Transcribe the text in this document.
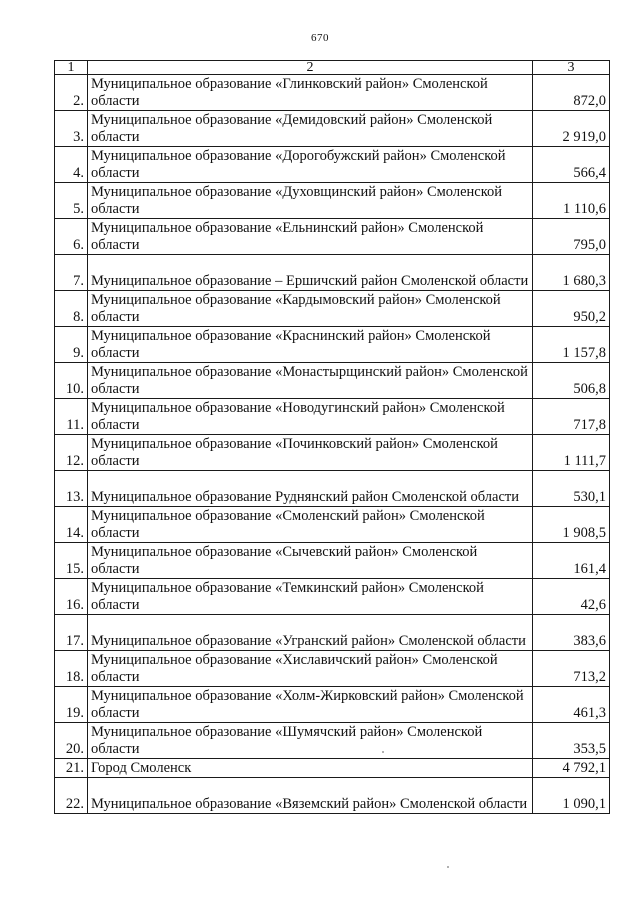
670
1	2	3
2.	Муниципальное образование «Глинковский район» Смоленской области	872,0
3.	Муниципальное образование «Демидовский район» Смоленской области	2 919,0
4.	Муниципальное образование «Дорогобужский район» Смоленской области	566,4
5.	Муниципальное образование «Духовщинский район» Смоленской области	1 110,6
6.	Муниципальное образование «Ельнинский район» Смоленской области	795,0
7.	Муниципальное образование – Ершичский район Смоленской области	1 680,3
8.	Муниципальное образование «Кардымовский район» Смоленской области	950,2
9.	Муниципальное образование «Краснинский район» Смоленской области	1 157,8
10.	Муниципальное образование «Монастырщинский район» Смоленской области	506,8
11.	Муниципальное образование «Новодугинский район» Смоленской области	717,8
12.	Муниципальное образование «Починковский район» Смоленской области	1 111,7
13.	Муниципальное образование Руднянский район Смоленской области	530,1
14.	Муниципальное образование «Смоленский район» Смоленской области	1 908,5
15.	Муниципальное образование «Сычевский район» Смоленской области	161,4
16.	Муниципальное образование «Темкинский район» Смоленской области	42,6
17.	Муниципальное образование «Угранский район» Смоленской области	383,6
18.	Муниципальное образование «Хиславичский район» Смоленской области	713,2
19.	Муниципальное образование «Холм-Жирковский район» Смоленской области	461,3
20.	Муниципальное образование «Шумячский район» Смоленской области	353,5
21.	Город Смоленск	4 792,1
22.	Муниципальное образование «Вяземский район» Смоленской области	1 090,1
